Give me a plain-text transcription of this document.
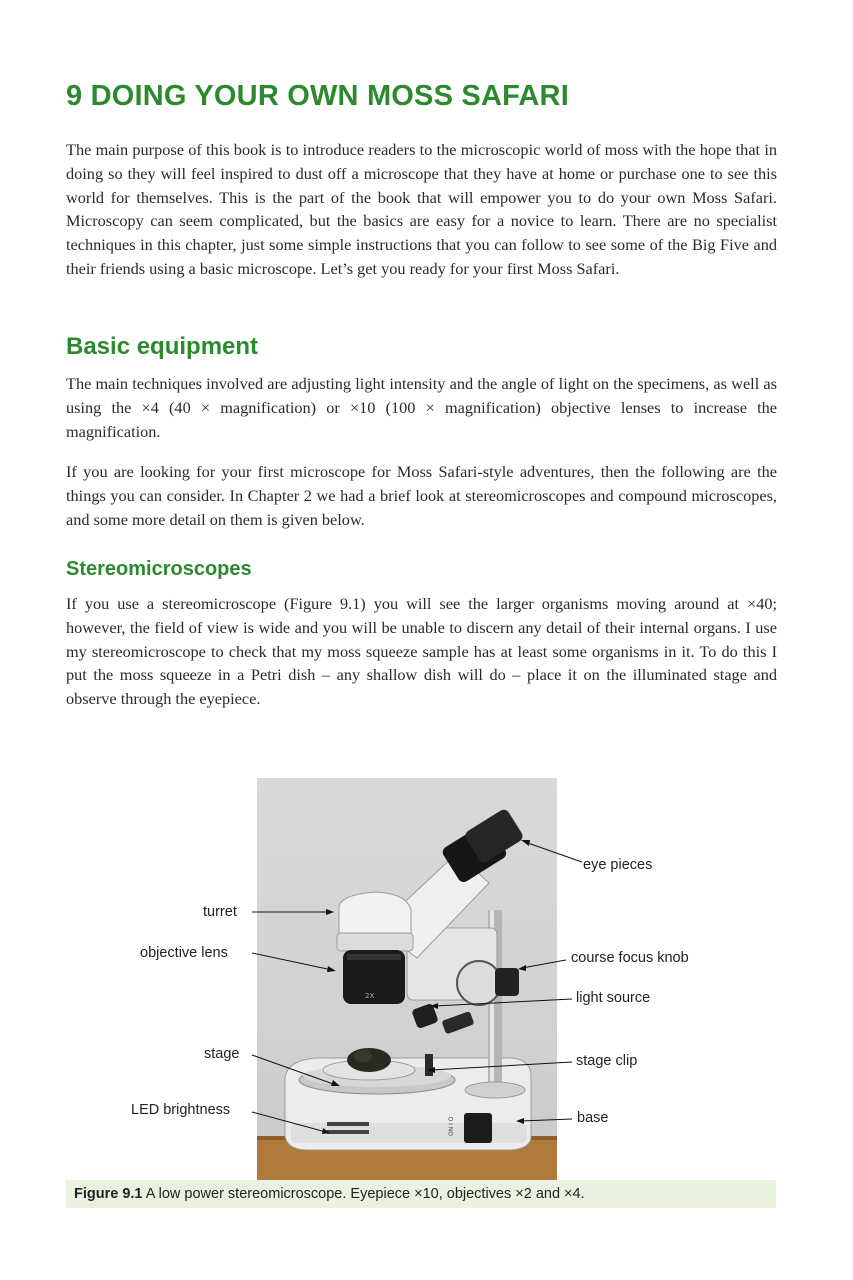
9 DOING YOUR OWN MOSS SAFARI

The main purpose of this book is to introduce readers to the microscopic world of moss with the hope that in doing so they will feel inspired to dust off a microscope that they have at home or purchase one to see this world for themselves. This is the part of the book that will empower you to do your own Moss Safari. Microscopy can seem complicated, but the basics are easy for a novice to learn. There are no specialist techniques in this chapter, just some simple instructions that you can follow to see some of the Big Five and their friends using a basic microscope. Let’s get you ready for your first Moss Safari.

Basic equipment

The main techniques involved are adjusting light intensity and the angle of light on the specimens, as well as using the ×4 (40 × magnification) or ×10 (100 × magnification) objective lenses to increase the magnification.

If you are looking for your first microscope for Moss Safari-style adventures, then the following are the things you can consider. In Chapter 2 we had a brief look at stereomicroscopes and compound microscopes, and some more detail on them is given below.

Stereomicroscopes

If you use a stereomicroscope (Figure 9.1) you will see the larger organisms moving around at ×40; however, the field of view is wide and you will be unable to discern any detail of their internal organs. I use my stereomicroscope to check that my moss squeeze sample has at least some organisms in it. To do this I put the moss squeeze in a Petri dish – any shallow dish will do – place it on the illuminated stage and observe through the eyepiece.

ON I O
2X
turret
objective lens
stage
LED brightness
eye pieces
course focus knob
light source
stage clip
base
Figure 9.1 A low power stereomicroscope. Eyepiece ×10, objectives ×2 and ×4.
